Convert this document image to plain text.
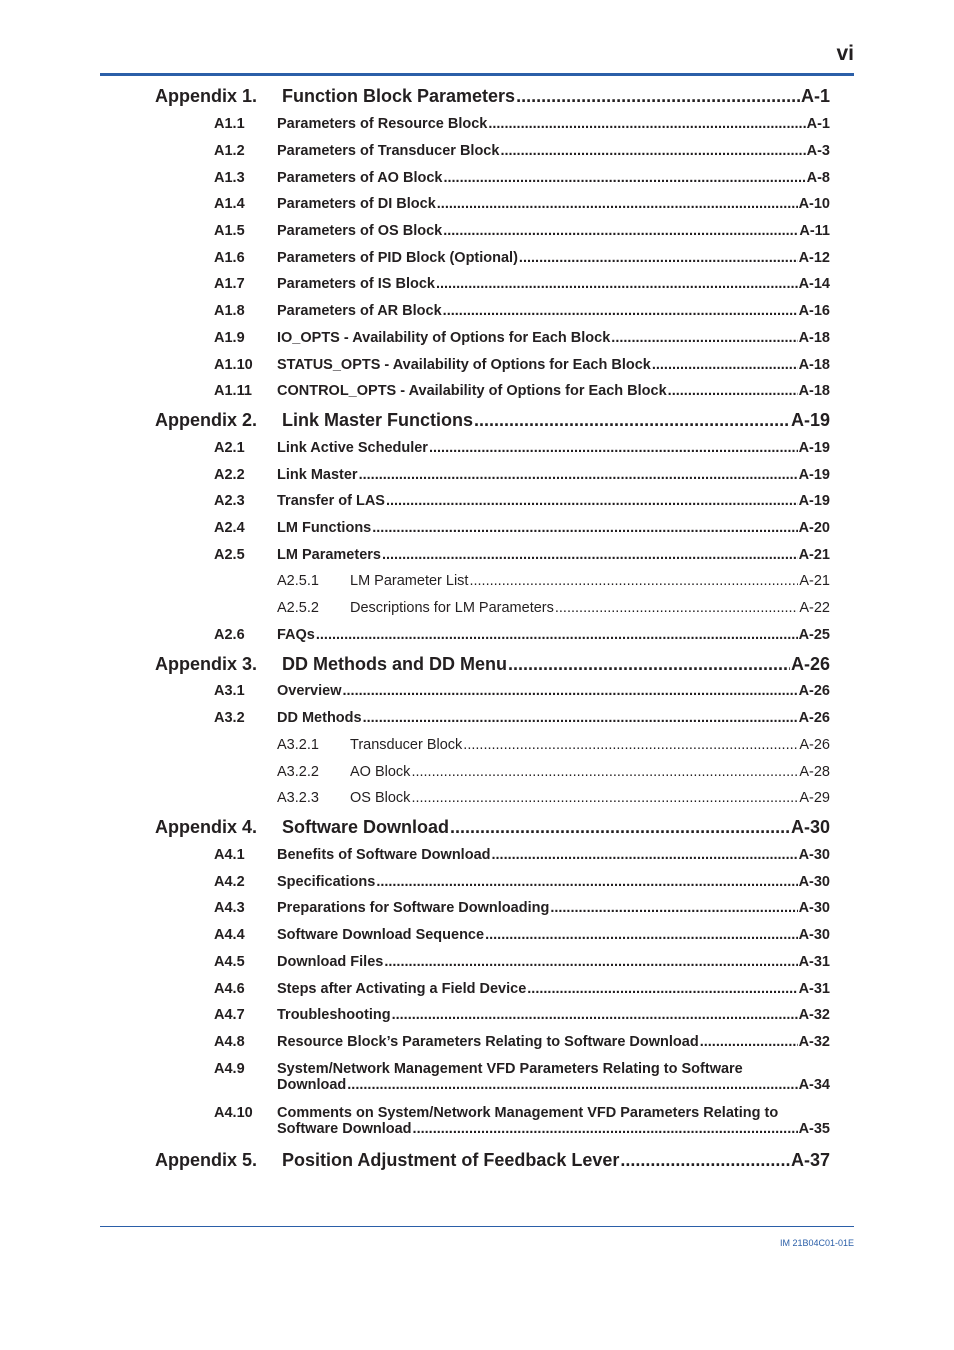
vi
Appendix 1. Function Block Parameters .....	A-1
A1.1 Parameters of Resource Block .....	A-1
A1.2 Parameters of Transducer Block .....	A-3
A1.3 Parameters of AO Block .....	A-8
A1.4 Parameters of DI Block .....	A-10
A1.5 Parameters of OS Block .....	A-11
A1.6 Parameters of PID Block (Optional) .....	A-12
A1.7 Parameters of IS Block .....	A-14
A1.8 Parameters of AR Block .....	A-16
A1.9 IO_OPTS - Availability of Options for Each Block .....	A-18
A1.10 STATUS_OPTS - Availability of Options for Each Block .....	A-18
A1.11 CONTROL_OPTS - Availability of Options for Each Block .....	A-18
Appendix 2. Link Master Functions .....	A-19
A2.1 Link Active Scheduler .....	A-19
A2.2 Link Master .....	A-19
A2.3 Transfer of LAS .....	A-19
A2.4 LM Functions .....	A-20
A2.5 LM Parameters .....	A-21
A2.5.1 LM Parameter List .....	A-21
A2.5.2 Descriptions for LM Parameters .....	A-22
A2.6 FAQs .....	A-25
Appendix 3. DD Methods and DD Menu .....	A-26
A3.1 Overview .....	A-26
A3.2 DD Methods .....	A-26
A3.2.1 Transducer Block .....	A-26
A3.2.2 AO Block .....	A-28
A3.2.3 OS Block .....	A-29
Appendix 4. Software Download .....	A-30
A4.1 Benefits of Software Download .....	A-30
A4.2 Specifications .....	A-30
A4.3 Preparations for Software Downloading .....	A-30
A4.4 Software Download Sequence .....	A-30
A4.5 Download Files .....	A-31
A4.6 Steps after Activating a Field Device .....	A-31
A4.7 Troubleshooting .....	A-32
A4.8 Resource Block’s Parameters Relating to Software Download .....	A-32
A4.9 System/Network Management VFD Parameters Relating to Software
Download .....	A-34
A4.10 Comments on System/Network Management VFD Parameters Relating to
Software Download .....	A-35
Appendix 5. Position Adjustment of Feedback Lever .....	A-37
IM 21B04C01-01E
